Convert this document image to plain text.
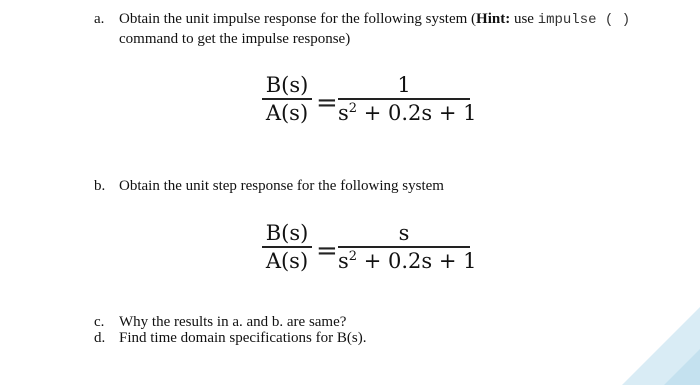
a. Obtain the unit impulse response for the following system (Hint: use impulse ( )
command to get the impulse response)
B(s)
A(s) =
1
$s^2 + 0.2s + 1$
b. Obtain the unit step response for the following system
B(s)
A(s) =
s
$s^2 + 0.2s + 1$
c. Why the results in a. and b. are same?
d. Find time domain specifications for B(s).
